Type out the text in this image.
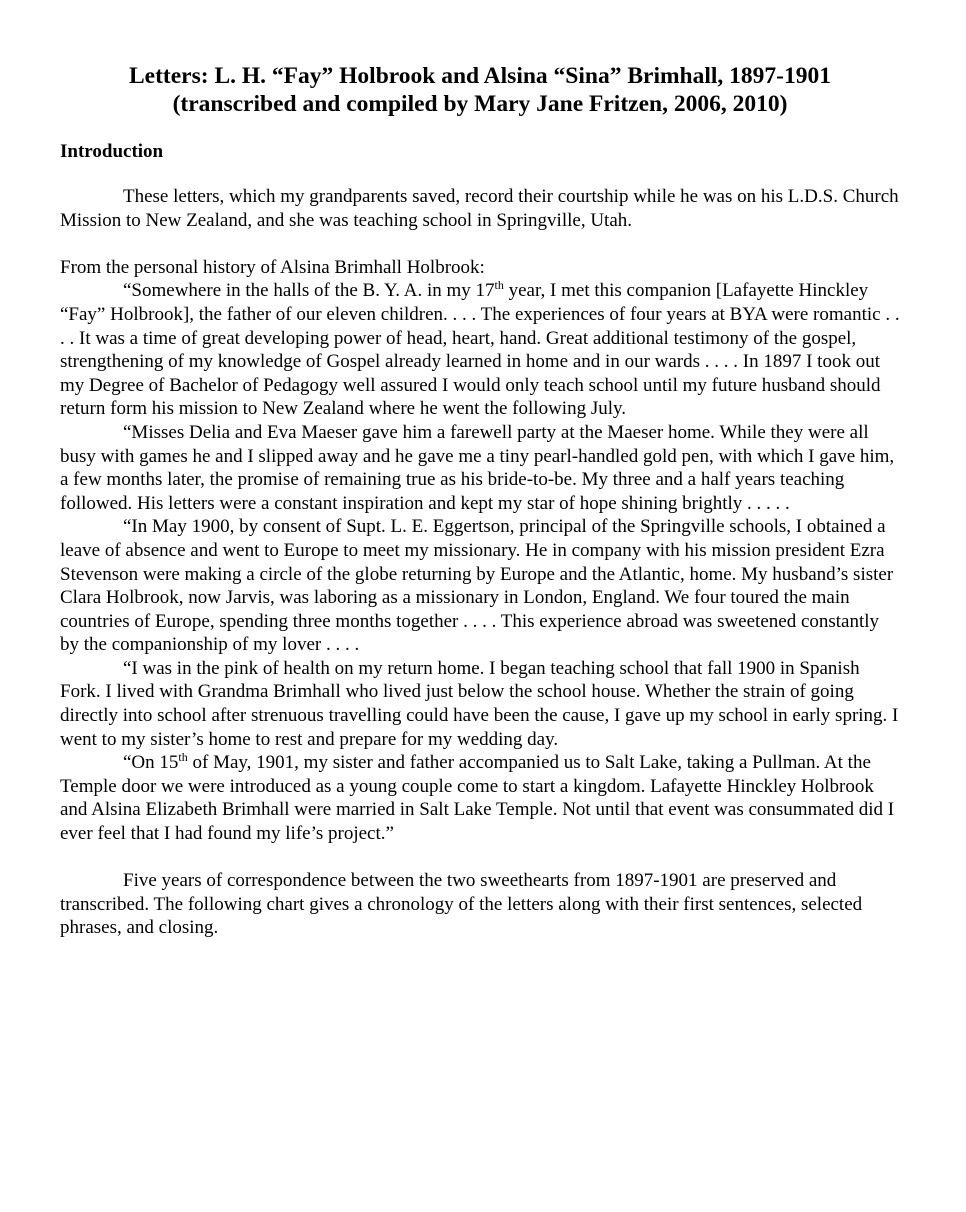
Letters: L. H. “Fay” Holbrook and Alsina “Sina” Brimhall, 1897-1901
(transcribed and compiled by Mary Jane Fritzen, 2006, 2010)
Introduction

These letters, which my grandparents saved, record their courtship while he was on his L.D.S. Church Mission to New Zealand, and she was teaching school in Springville, Utah.

From the personal history of Alsina Brimhall Holbrook:

“Somewhere in the halls of the B. Y. A. in my 17th year, I met this companion [Lafayette Hinckley “Fay” Holbrook], the father of our eleven children. . . . The experiences of four years at BYA were romantic . . . . It was a time of great developing power of head, heart, hand. Great additional testimony of the gospel, strengthening of my knowledge of Gospel already learned in home and in our wards . . . . In 1897 I took out my Degree of Bachelor of Pedagogy well assured I would only teach school until my future husband should return form his mission to New Zealand where he went the following July.

“Misses Delia and Eva Maeser gave him a farewell party at the Maeser home. While they were all busy with games he and I slipped away and he gave me a tiny pearl-handled gold pen, with which I gave him, a few months later, the promise of remaining true as his bride-to-be. My three and a half years teaching followed. His letters were a constant inspiration and kept my star of hope shining brightly . . . . .

“In May 1900, by consent of Supt. L. E. Eggertson, principal of the Springville schools, I obtained a leave of absence and went to Europe to meet my missionary. He in company with his mission president Ezra Stevenson were making a circle of the globe returning by Europe and the Atlantic, home. My husband’s sister Clara Holbrook, now Jarvis, was laboring as a missionary in London, England. We four toured the main countries of Europe, spending three months together . . . . This experience abroad was sweetened constantly by the companionship of my lover . . . .

“I was in the pink of health on my return home. I began teaching school that fall 1900 in Spanish Fork. I lived with Grandma Brimhall who lived just below the school house. Whether the strain of going directly into school after strenuous travelling could have been the cause, I gave up my school in early spring. I went to my sister’s home to rest and prepare for my wedding day.

“On 15th of May, 1901, my sister and father accompanied us to Salt Lake, taking a Pullman. At the Temple door we were introduced as a young couple come to start a kingdom. Lafayette Hinckley Holbrook and Alsina Elizabeth Brimhall were married in Salt Lake Temple. Not until that event was consummated did I ever feel that I had found my life’s project.”

Five years of correspondence between the two sweethearts from 1897-1901 are preserved and transcribed. The following chart gives a chronology of the letters along with their first sentences, selected phrases, and closing.
